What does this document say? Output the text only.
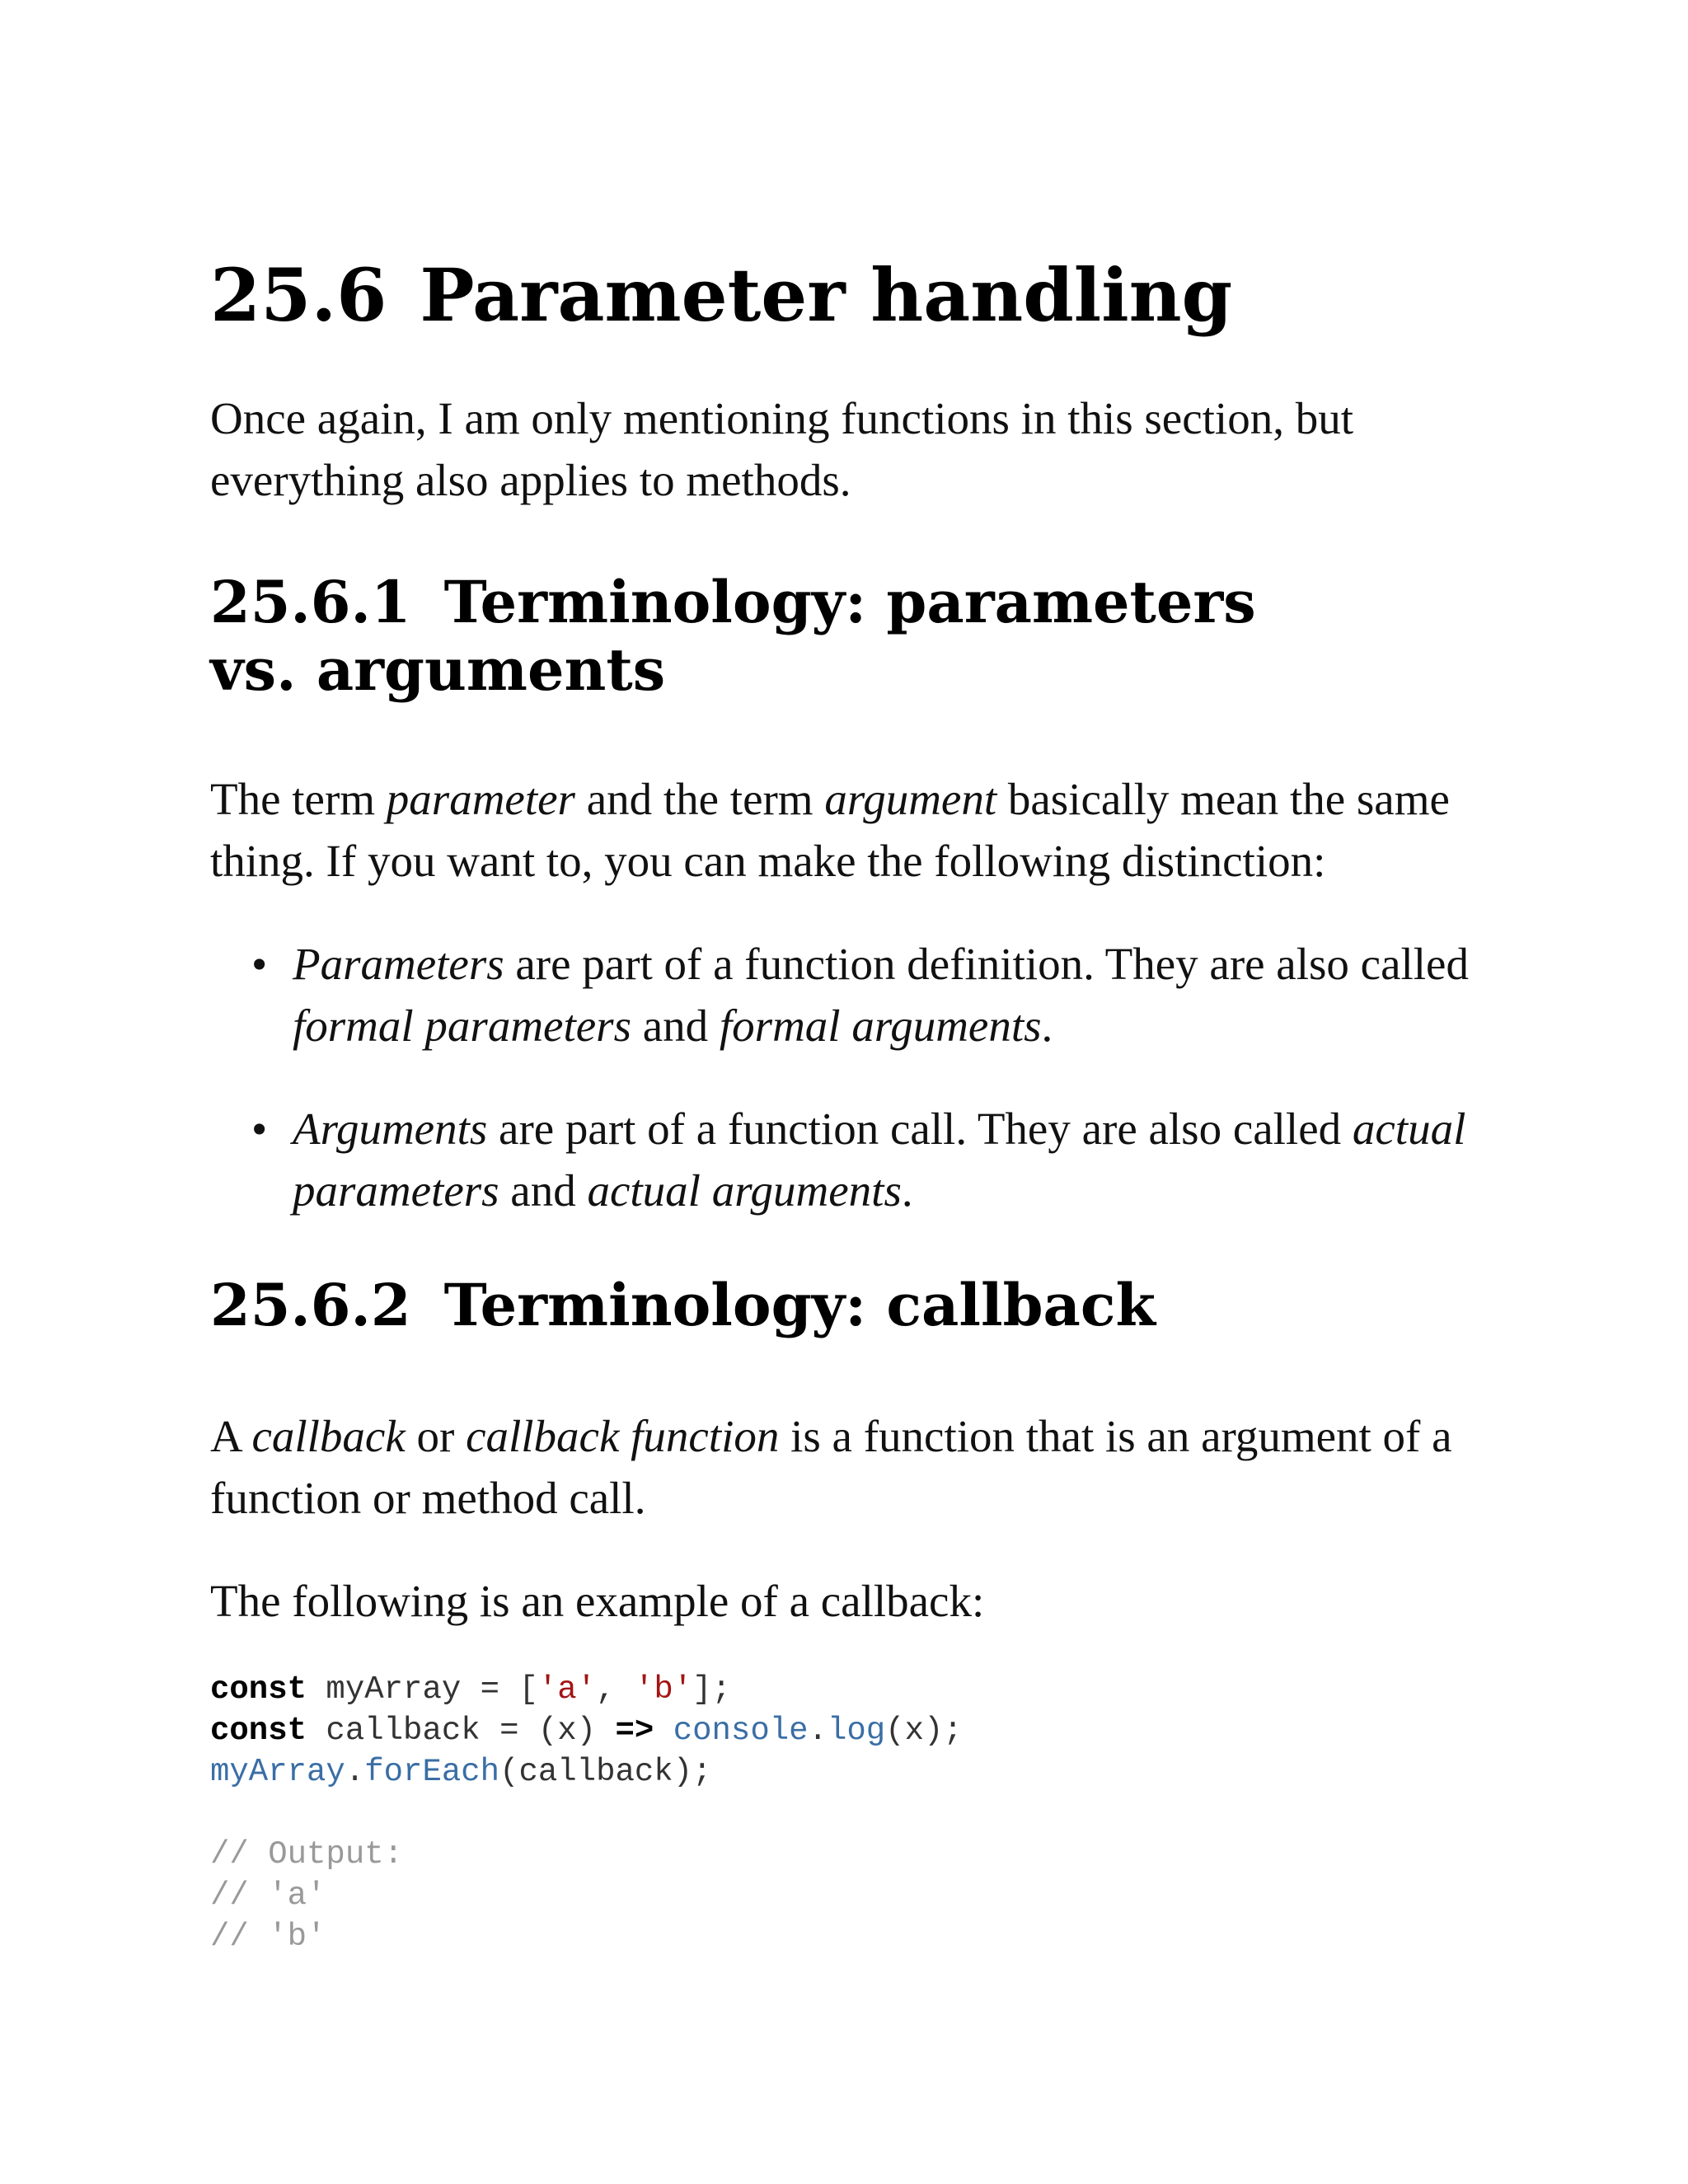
25.6 Parameter handling

Once again, I am only mentioning functions in this section, but everything also applies to methods.

25.6.1 Terminology: parameters
vs. arguments

The term parameter and the term argument basically mean the same thing. If you want to, you can make the following distinction:

• Parameters are part of a function definition. They are also called formal parameters and formal arguments.
• Arguments are part of a function call. They are also called actual parameters and actual arguments.
25.6.2 Terminology: callback

A callback or callback function is a function that is an argument of a function or method call.

The following is an example of a callback:

const myArray = ['a', 'b'];
const callback = (x) => console.log(x);
myArray.forEach(callback);

// Output:
// 'a'
// 'b'
